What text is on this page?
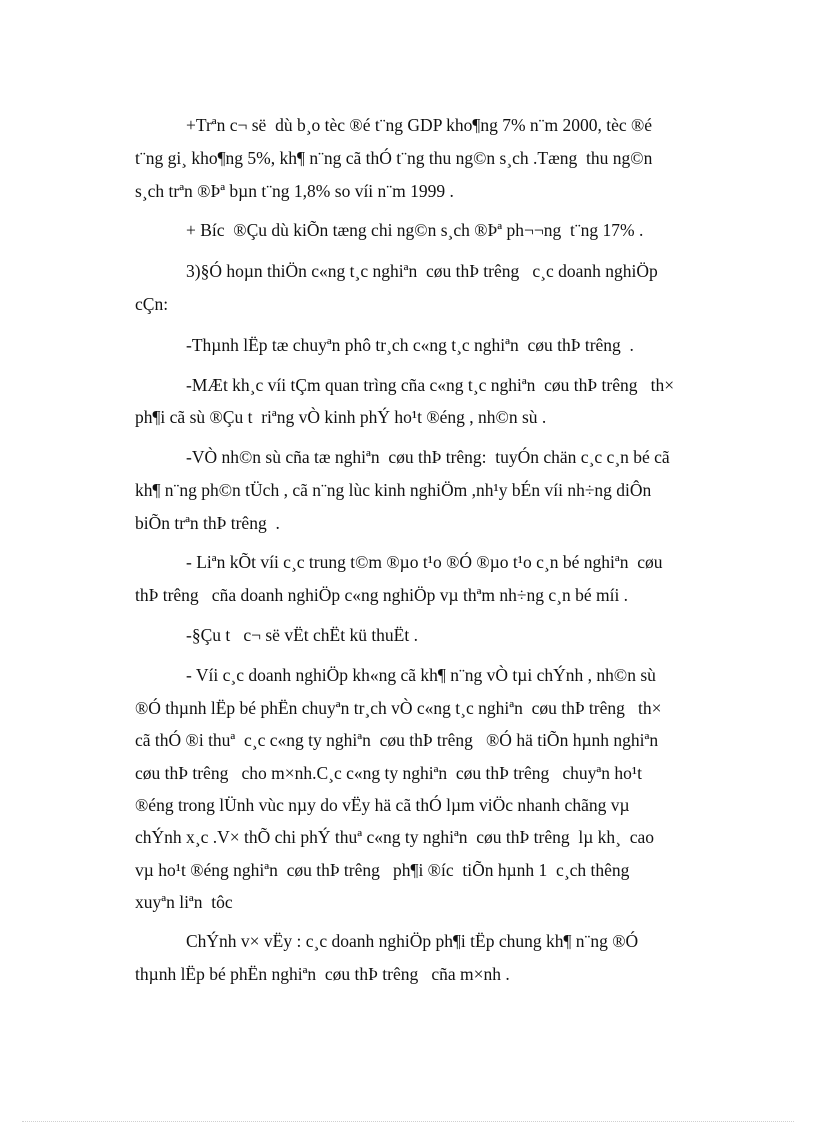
+Trªn c¬ së  dù b¸o tèc ®é t¨ng GDP kho¶ng 7% n¨m 2000, tèc ®é
t¨ng gi¸ kho¶ng 5%, kh¶ n¨ng cã thÓ t¨ng thu ng©n s¸ch .Tæng  thu ng©n
s¸ch trªn ®Þª bµn t¨ng 1,8% so víi n¨m 1999 .
+ Bíc  ®Çu dù kiÕn tæng chi ng©n s¸ch ®Þª ph¬¬ng  t¨ng 17% .
3)§Ó hoµn thiÖn c«ng t¸c nghiªn  cøu thÞ trêng   c¸c doanh nghiÖp
cÇn:
-Thµnh lËp tæ chuyªn phô tr¸ch c«ng t¸c nghiªn  cøu thÞ trêng  .
-MÆt kh¸c víi tÇm quan trìng cña c«ng t¸c nghiªn  cøu thÞ trêng   th×
ph¶i cã sù ®Çu t  riªng vÒ kinh phÝ ho¹t ®éng , nh©n sù .
-VÒ nh©n sù cña tæ nghiªn  cøu thÞ trêng:  tuyÓn chän c¸c c¸n bé cã
kh¶ n¨ng ph©n tÜch , cã n¨ng lùc kinh nghiÖm ,nh¹y bÉn víi nh÷ng diÔn
biÕn trªn thÞ trêng  .
- Liªn kÕt víi c¸c trung t©m ®µo t¹o ®Ó ®µo t¹o c¸n bé nghiªn  cøu
thÞ trêng   cña doanh nghiÖp c«ng nghiÖp vµ thªm nh÷ng c¸n bé míi .
-§Çu t   c¬ së vËt chËt kü thuËt .
- Víi c¸c doanh nghiÖp kh«ng cã kh¶ n¨ng vÒ tµi chÝnh , nh©n sù
®Ó thµnh lËp bé phËn chuyªn tr¸ch vÒ c«ng t¸c nghiªn  cøu thÞ trêng   th×
cã thÓ ®i thuª  c¸c c«ng ty nghiªn  cøu thÞ trêng   ®Ó hä tiÕn hµnh nghiªn
cøu thÞ trêng   cho m×nh.C¸c c«ng ty nghiªn  cøu thÞ trêng   chuyªn ho¹t
®éng trong lÜnh vùc nµy do vËy hä cã thÓ lµm viÖc nhanh chãng vµ
chÝnh x¸c .V× thÕ chi phÝ thuª c«ng ty nghiªn  cøu thÞ trêng  lµ kh¸  cao
vµ ho¹t ®éng nghiªn  cøu thÞ trêng   ph¶i ®íc  tiÕn hµnh 1  c¸ch thêng
xuyªn liªn  tôc
ChÝnh v× vËy : c¸c doanh nghiÖp ph¶i tËp chung kh¶ n¨ng ®Ó
thµnh lËp bé phËn nghiªn  cøu thÞ trêng   cña m×nh .
